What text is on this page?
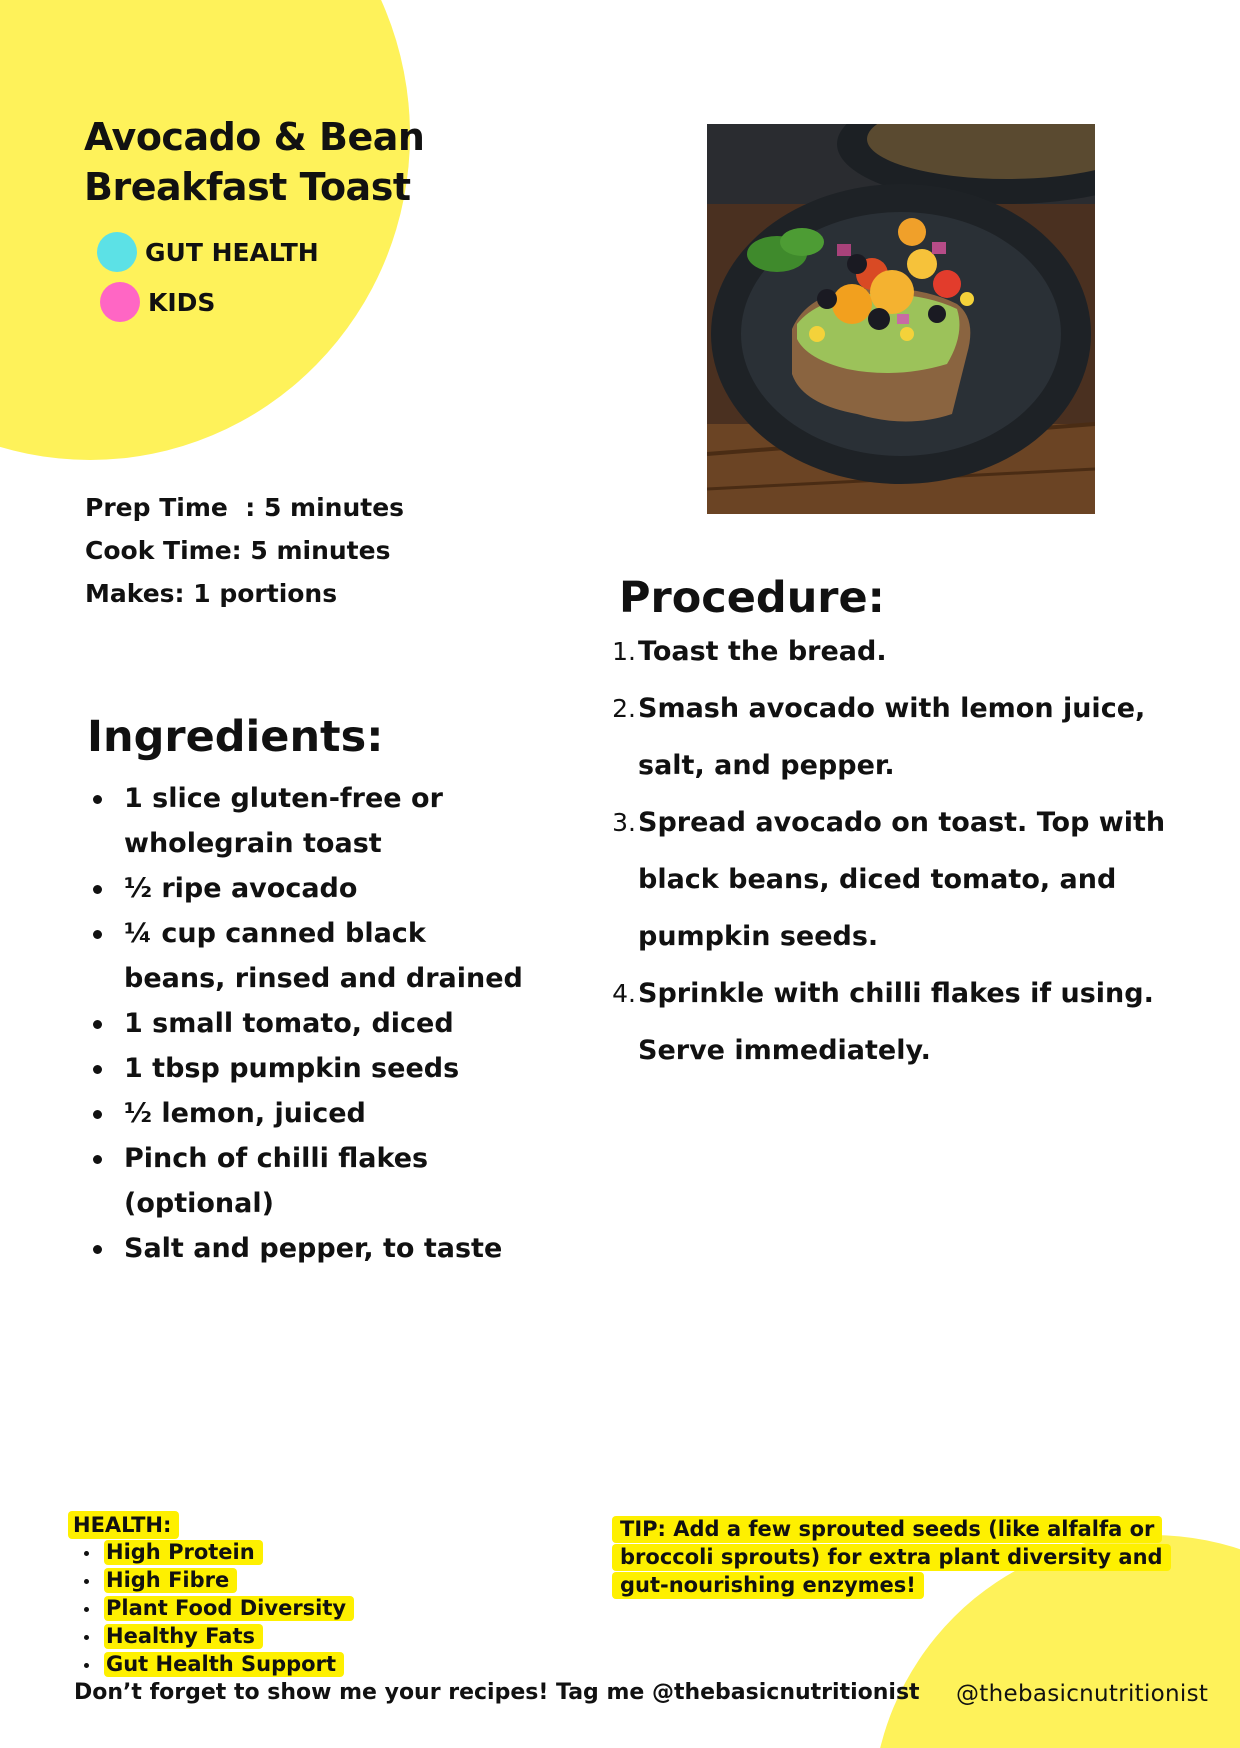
Avocado & Bean Breakfast Toast
GUT HEALTH
KIDS
Prep Time  : 5 minutes
Cook Time: 5 minutes
Makes: 1 portions
Ingredients:
1 slice gluten-free or wholegrain toast
½ ripe avocado
¼ cup canned black beans, rinsed and drained
1 small tomato, diced
1 tbsp pumpkin seeds
½ lemon, juiced
Pinch of chilli flakes (optional)
Salt and pepper, to taste
Procedure:
1. Toast the bread.
2. Smash avocado with lemon juice, salt, and pepper.
3. Spread avocado on toast. Top with black beans, diced tomato, and pumpkin seeds.
4. Sprinkle with chilli flakes if using. Serve immediately.
HEALTH:
High Protein
High Fibre
Plant Food Diversity
Healthy Fats
Gut Health Support
TIP: Add a few sprouted seeds (like alfalfa or broccoli sprouts) for extra plant diversity and gut-nourishing enzymes!
Don’t forget to show me your recipes! Tag me @thebasicnutritionist @thebasicnutritionist
